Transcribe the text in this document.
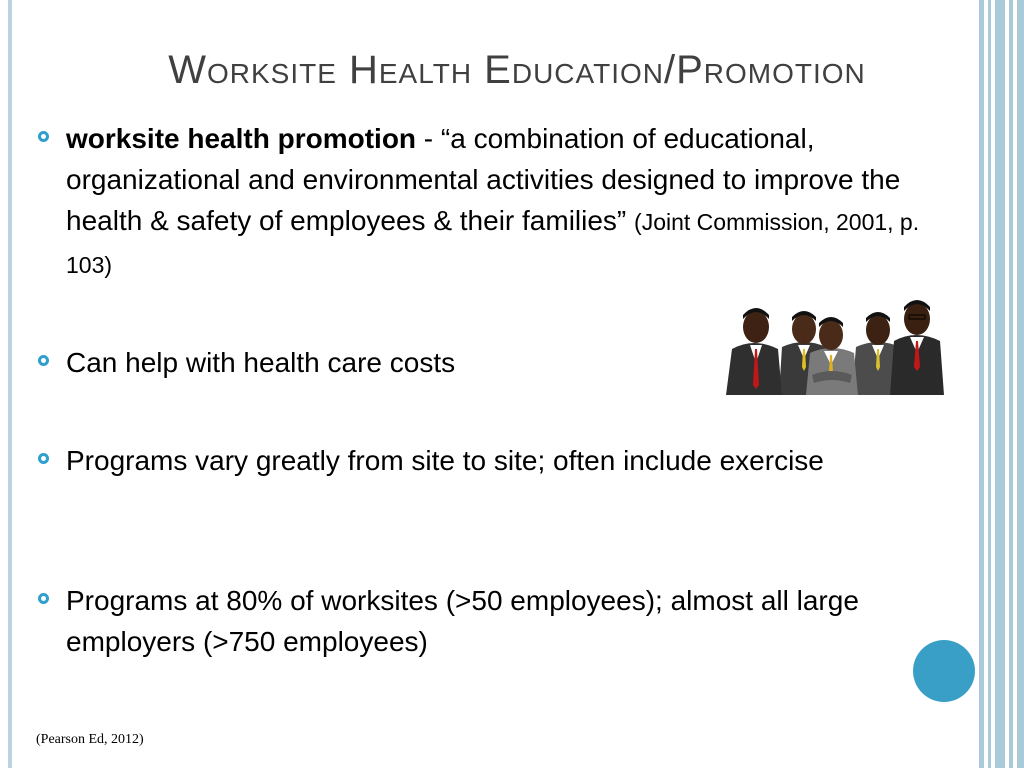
Worksite Health Education/Promotion
worksite health promotion - “a combination of educational, organizational and environmental activities designed to improve the health & safety of employees & their families” (Joint Commission, 2001, p. 103)
Can help with health care costs
Programs vary greatly from site to site; often include exercise
Programs at 80% of worksites (>50 employees); almost all large employers (>750 employees)
(Pearson Ed, 2012)
